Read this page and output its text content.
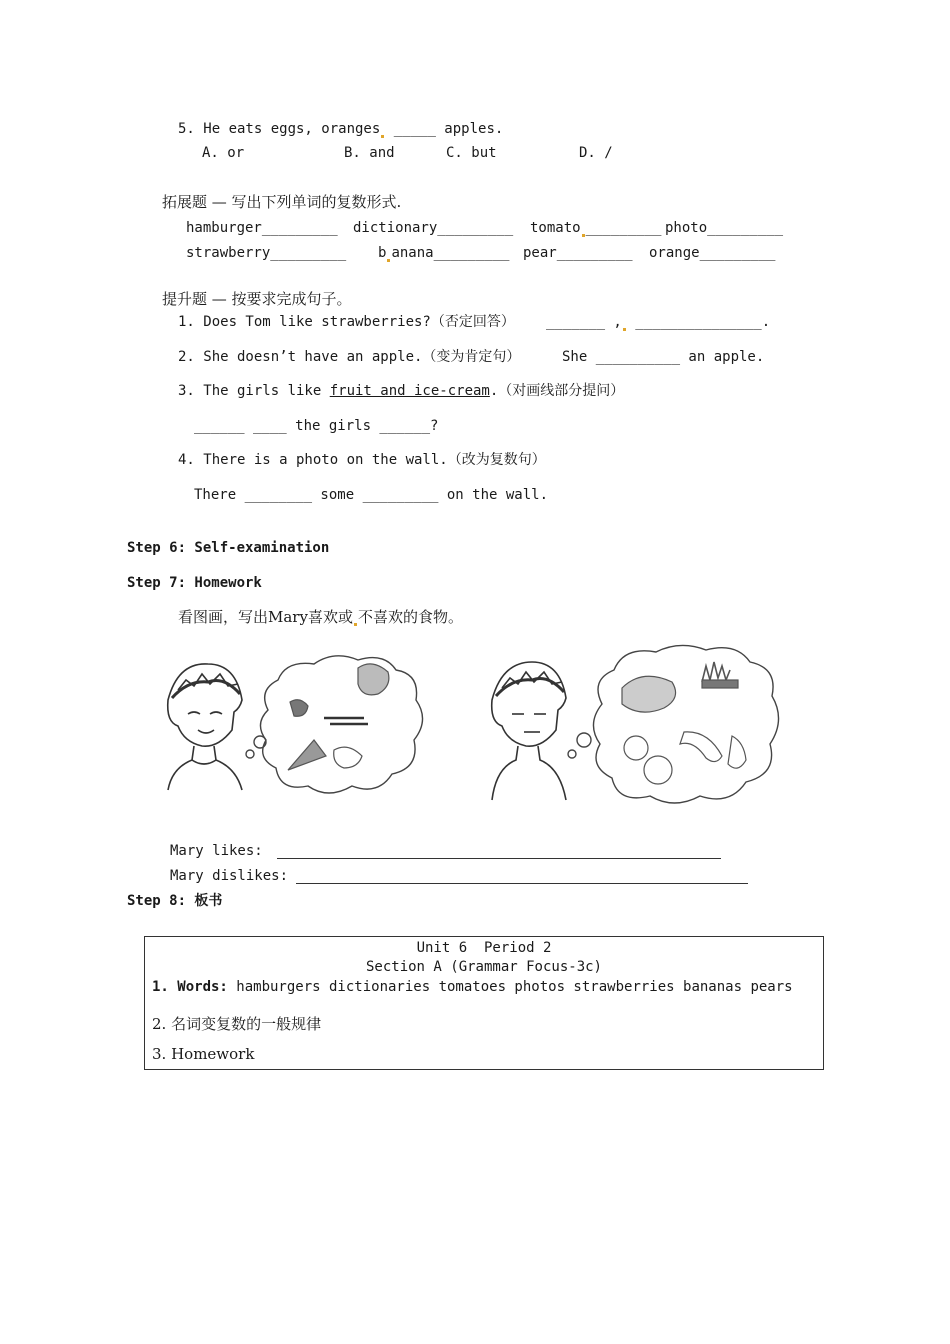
5. He eats eggs, oranges _____ apples.
A. or	B. and	C. but	D. /
拓展题 — 写出下列单词的复数形式.
hamburger_________ dictionary_________ tomato _________ photo_________
strawberry_________ b anana_________ pear_________ orange_________
提升题 — 按要求完成句子。
1. Does Tom like strawberries?（否定回答） _______ , _______________.
2. She doesn’t have an apple.（变为肯定句）	She __________ an apple.
3. The girls like fruit and ice-cream.（对画线部分提问）
______ ____ the girls ______?
4. There is a photo on the wall.（改为复数句）
There ________ some _________ on the wall.
Step 6: Self-examination
Step 7: Homework
看图画，写出Mary喜欢或 不喜欢的食物。
Mary likes:
Mary dislikes:
Step 8: 板书
Unit 6  Period 2
Section A (Grammar Focus-3c)
1. Words: hamburgers dictionaries tomatoes photos strawberries bananas pears
2. 名词变复数的一般规律
3. Homework
